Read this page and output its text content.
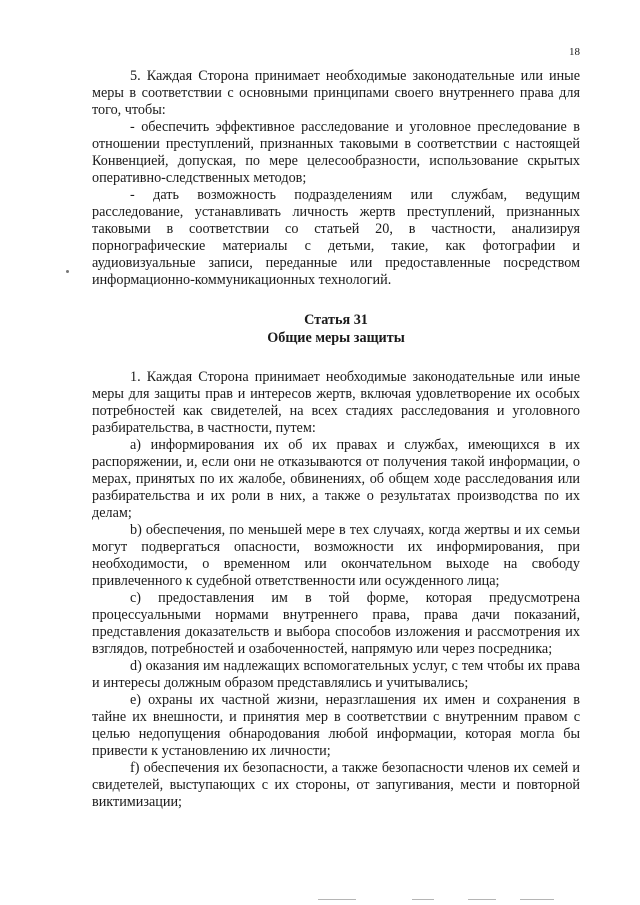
18

5. Каждая Сторона принимает необходимые законодательные или иные меры в соответствии с основными принципами своего внутреннего права для того, чтобы:

- обеспечить эффективное расследование и уголовное преследование в отношении преступлений, признанных таковыми в соответствии с настоящей Конвенцией, допуская, по мере целесообразности, использование скрытых оперативно-следственных методов;

- дать возможность подразделениям или службам, ведущим расследование, устанавливать личность жертв преступлений, признанных таковыми в соответствии со статьей 20, в частности, анализируя порнографические материалы с детьми, такие, как фотографии и аудиовизуальные записи, переданные или предоставленные посредством информационно-коммуникационных технологий.

Статья 31

Общие меры защиты

1. Каждая Сторона принимает необходимые законодательные или иные меры для защиты прав и интересов жертв, включая удовлетворение их особых потребностей как свидетелей, на всех стадиях расследования и уголовного разбирательства, в частности, путем:

a) информирования их об их правах и службах, имеющихся в их распоряжении, и, если они не отказываются от получения такой информации, о мерах, принятых по их жалобе, обвинениях, об общем ходе расследования или разбирательства и их роли в них, а также о результатах производства по их делам;

b) обеспечения, по меньшей мере в тех случаях, когда жертвы и их семьи могут подвергаться опасности, возможности их информирования, при необходимости, о временном или окончательном выходе на свободу привлеченного к судебной ответственности или осужденного лица;

c) предоставления им в той форме, которая предусмотрена процессуальными нормами внутреннего права, права дачи показаний, представления доказательств и выбора способов изложения и рассмотрения их взглядов, потребностей и озабоченностей, напрямую или через посредника;

d) оказания им надлежащих вспомогательных услуг, с тем чтобы их права и интересы должным образом представлялись и учитывались;

e) охраны их частной жизни, неразглашения их имен и сохранения в тайне их внешности, и принятия мер в соответствии с внутренним правом с целью недопущения обнародования любой информации, которая могла бы привести к установлению их личности;

f) обеспечения их безопасности, а также безопасности членов их семей и свидетелей, выступающих с их стороны, от запугивания, мести и повторной виктимизации;
